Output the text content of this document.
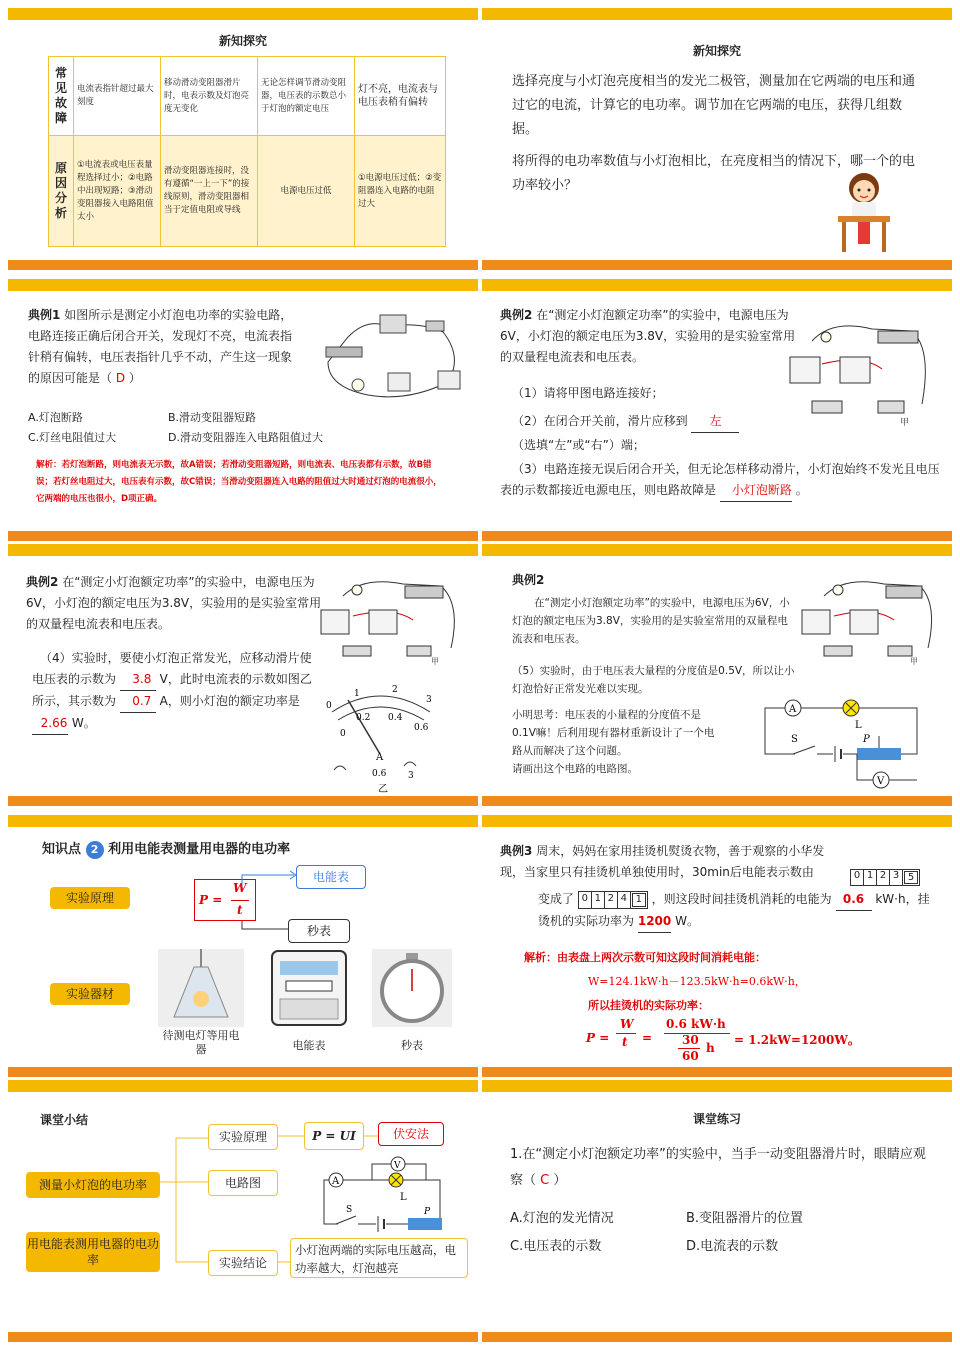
新知探究
常见故障	电流表指针超过最大刻度	移动滑动变阻器滑片时，电表示数及灯泡亮度无变化	无论怎样调节滑动变阻器，电压表的示数总小于灯泡的额定电压	灯不亮，电流表与电压表稍有偏转
原因分析	①电流表或电压表量程选择过小；②电路中出现短路；③滑动变阻器接入电路阻值太小	滑动变阻器连接时，没有遵循“一上一下”的接线原则，滑动变阻器相当于定值电阻或导线	电源电压过低	①电源电压过低；②变阻器连入电路的电阻过大
新知探究
选择亮度与小灯泡亮度相当的发光二极管，测量加在它两端的电压和通过它的电流，计算它的电功率。调节加在它两端的电压，获得几组数据。
将所得的电功率数值与小灯泡相比，在亮度相当的情况下，哪一个的电功率较小？
典例1 如图所示是测定小灯泡电功率的实验电路，电路连接正确后闭合开关，发现灯不亮，电流表指针稍有偏转，电压表指针几乎不动，产生这一现象的原因可能是（ D ）
A.灯泡断路	B.滑动变阻器短路
C.灯丝电阻值过大	D.滑动变阻器连入电路阻值过大
解析：若灯泡断路，则电流表无示数，故A错误；若滑动变阻器短路，则电流表、电压表都有示数，故B错误；若灯丝电阻过大，电压表有示数，故C错误；当滑动变阻器连入电路的阻值过大时通过灯泡的电流很小，它两端的电压也很小，D项正确。
典例2 在“测定小灯泡额定功率”的实验中，电源电压为6V，小灯泡的额定电压为3.8V，实验用的是实验室常用的双量程电流表和电压表。
（1）请将甲图电路连接好；
（2）在闭合开关前，滑片应移到 左
（选填“左”或“右”）端；
（3）电路连接无误后闭合开关，但无论怎样移动滑片，小灯泡始终不发光且电压表的示数都接近电源电压，则电路故障是 小灯泡断路 。
甲
典例2 在“测定小灯泡额定功率”的实验中，电源电压为6V，小灯泡的额定电压为3.8V，实验用的是实验室常用的双量程电流表和电压表。
（4）实验时，要使小灯泡正常发光，应移动滑片使电压表的示数为 3.8 V，此时电流表的示数如图乙所示，其示数为 0.7 A，则小灯泡的额定功率是 2.66 W。
甲
0
1	2
3
0
0.2 0.4
0.6
A
0.6 3
乙
典例2
在“测定小灯泡额定功率”的实验中，电源电压为6V，小灯泡的额定电压为3.8V，实验用的是实验室常用的双量程电流表和电压表。
（5）实验时，由于电压表大量程的分度值是0.5V，所以让小灯泡恰好正常发光难以实现。
小明思考：电压表的小量程的分度值不是0.1V嘛！后利用现有器材重新设计了一个电路从而解决了这个问题。
请画出这个电路的电路图。
甲
A
L
S	P
V
知识点 2 利用电能表测量用电器的电功率
实验原理
实验器材
P =
W
t
电能表
秒表
待测电灯等用电器	电能表	秒表
典例3 周末，妈妈在家用挂烫机熨烫衣物，善于观察的小华发现，当家里只有挂烫机单独使用时，30min后电能表示数由	0 1 2 3 5
变成了 0 1 2 4 1 ，则这段时间挂烫机消耗的电能为 0.6 kW·h，挂烫机的实际功率为 1200 W。
解析：由表盘上两次示数可知这段时间消耗电能：
W=124.1kW·h－123.5kW·h=0.6kW·h，
所以挂烫机的实际功率：
P =
W
t =
0.6 kW·h
30
60
h
= 1.2kW=1200W。
课堂小结
测量小灯泡的电功率
用电能表测用电器的电功率
实验原理
电路图
实验结论
P = UI	伏安法
小灯泡两端的实际电压越高，电功率越大，灯泡越亮
A
V
L
S	P
课堂练习
1.在“测定小灯泡额定功率”的实验中，当手一动变阻器滑片时，眼睛应观察（ C ）
A.灯泡的发光情况	B.变阻器滑片的位置
C.电压表的示数	D.电流表的示数
